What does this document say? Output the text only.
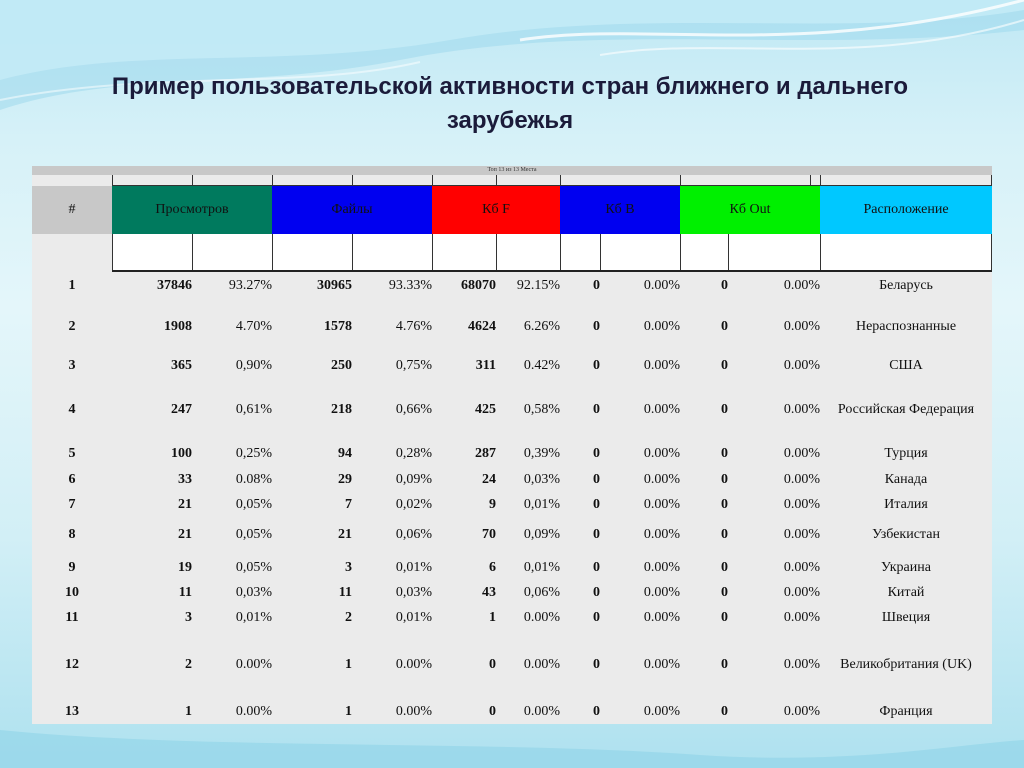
Пример пользовательской активности стран ближнего и дальнего зарубежья
#	Просмотров	Файлы	Кб F	Кб В	Кб Out	Расположение
1	37846	93.27%	30965	93.33%	68070	92.15%	0	0.00%	0	0.00%	Беларусь
2	1908	4.70%	1578	4.76%	4624	6.26%	0	0.00%	0	0.00%	Нераспознанные
3	365	0,90%	250	0,75%	311	0.42%	0	0.00%	0	0.00%	США
4	247	0,61%	218	0,66%	425	0,58%	0	0.00%	0	0.00%	Российская Федерация
5	100	0,25%	94	0,28%	287	0,39%	0	0.00%	0	0.00%	Турция
6	33	0.08%	29	0,09%	24	0,03%	0	0.00%	0	0.00%	Канада
7	21	0,05%	7	0,02%	9	0,01%	0	0.00%	0	0.00%	Италия
8	21	0,05%	21	0,06%	70	0,09%	0	0.00%	0	0.00%	Узбекистан
9	19	0,05%	3	0,01%	6	0,01%	0	0.00%	0	0.00%	Украина
10	11	0,03%	11	0,03%	43	0,06%	0	0.00%	0	0.00%	Китай
11	3	0,01%	2	0,01%	1	0.00%	0	0.00%	0	0.00%	Швеция
12	2	0.00%	1	0.00%	0	0.00%	0	0.00%	0	0.00%	Великобритания (UK)
13	1	0.00%	1	0.00%	0	0.00%	0	0.00%	0	0.00%	Франция
Топ 13 из 13 Места
